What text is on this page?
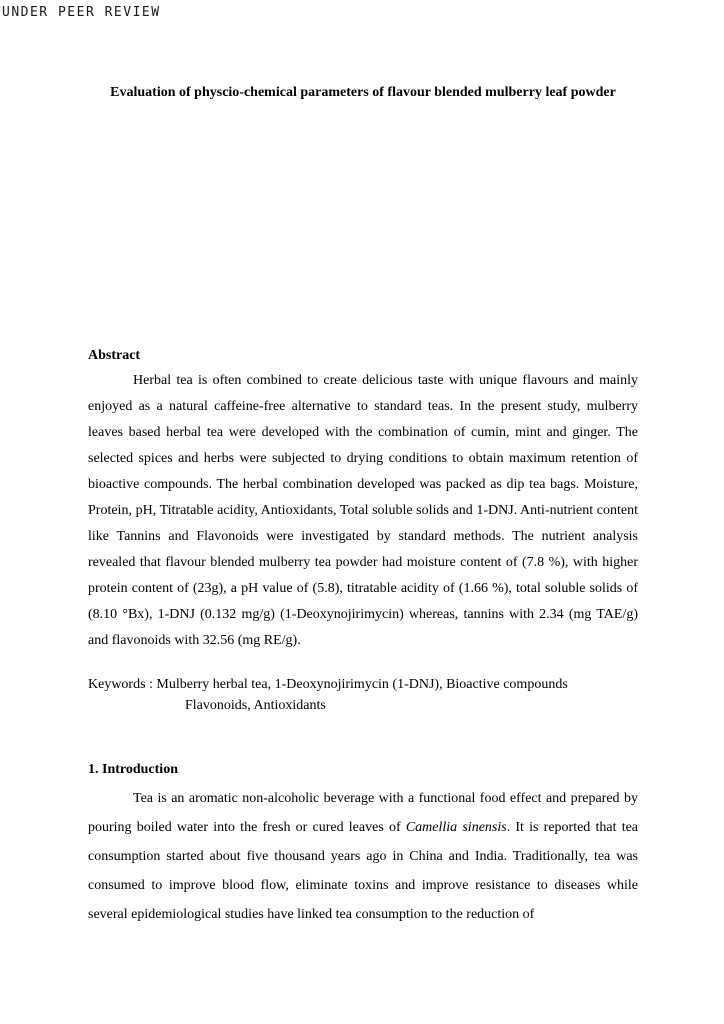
UNDER PEER REVIEW
Evaluation of physcio-chemical parameters of flavour blended mulberry leaf powder
Abstract

Herbal tea is often combined to create delicious taste with unique flavours and mainly enjoyed as a natural caffeine-free alternative to standard teas. In the present study, mulberry leaves based herbal tea were developed with the combination of cumin, mint and ginger. The selected spices and herbs were subjected to drying conditions to obtain maximum retention of bioactive compounds. The herbal combination developed was packed as dip tea bags. Moisture, Protein, pH, Titratable acidity, Antioxidants, Total soluble solids and 1-DNJ. Anti-nutrient content like Tannins and Flavonoids were investigated by standard methods. The nutrient analysis revealed that flavour blended mulberry tea powder had moisture content of (7.8 %), with higher protein content of (23g), a pH value of (5.8), titratable acidity of (1.66 %), total soluble solids of (8.10 °Bx), 1-DNJ (0.132 mg/g) (1-Deoxynojirimycin) whereas, tannins with 2.34 (mg TAE/g) and flavonoids with 32.56 (mg RE/g).

Keywords : Mulberry herbal tea, 1-Deoxynojirimycin (1-DNJ), Bioactive compounds
Flavonoids, Antioxidants

1. Introduction

Tea is an aromatic non-alcoholic beverage with a functional food effect and prepared by pouring boiled water into the fresh or cured leaves of Camellia sinensis. It is reported that tea consumption started about five thousand years ago in China and India. Traditionally, tea was consumed to improve blood flow, eliminate toxins and improve resistance to diseases while several epidemiological studies have linked tea consumption to the reduction of
